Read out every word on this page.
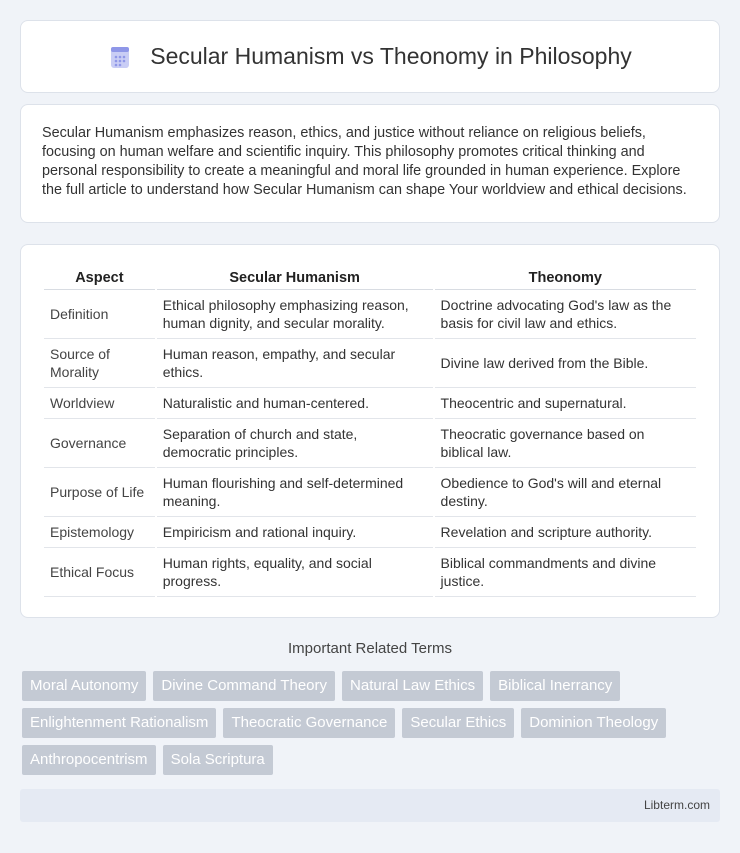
Secular Humanism vs Theonomy in Philosophy

Secular Humanism emphasizes reason, ethics, and justice without reliance on religious beliefs, focusing on human welfare and scientific inquiry. This philosophy promotes critical thinking and personal responsibility to create a meaningful and moral life grounded in human experience. Explore the full article to understand how Secular Humanism can shape Your worldview and ethical decisions.

Aspect	Secular Humanism	Theonomy
Definition	Ethical philosophy emphasizing reason, human dignity, and secular morality.	Doctrine advocating God's law as the basis for civil law and ethics.
Source of Morality	Human reason, empathy, and secular ethics.	Divine law derived from the Bible.
Worldview	Naturalistic and human-centered.	Theocentric and supernatural.
Governance	Separation of church and state, democratic principles.	Theocratic governance based on biblical law.
Purpose of Life	Human flourishing and self-determined meaning.	Obedience to God's will and eternal destiny.
Epistemology	Empiricism and rational inquiry.	Revelation and scripture authority.
Ethical Focus	Human rights, equality, and social progress.	Biblical commandments and divine justice.
Important Related Terms
Moral Autonomy	Divine Command Theory	Natural Law Ethics	Biblical Inerrancy
Enlightenment Rationalism	Theocratic Governance	Secular Ethics	Dominion Theology
Anthropocentrism	Sola Scriptura
Libterm.com
